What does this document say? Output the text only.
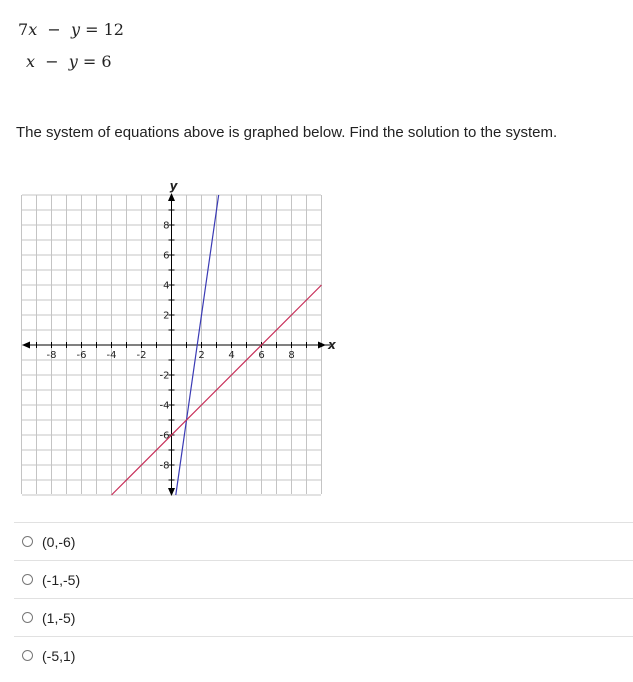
7x − y = 12
x − y = 6
The system of equations above is graphed below. Find the solution to the system.
-8 -6 -4 -2	2 4 6 8
8
6
4
2
-2
-4
-6
-8
x
y
(0,-6)
(-1,-5)
(1,-5)
(-5,1)
